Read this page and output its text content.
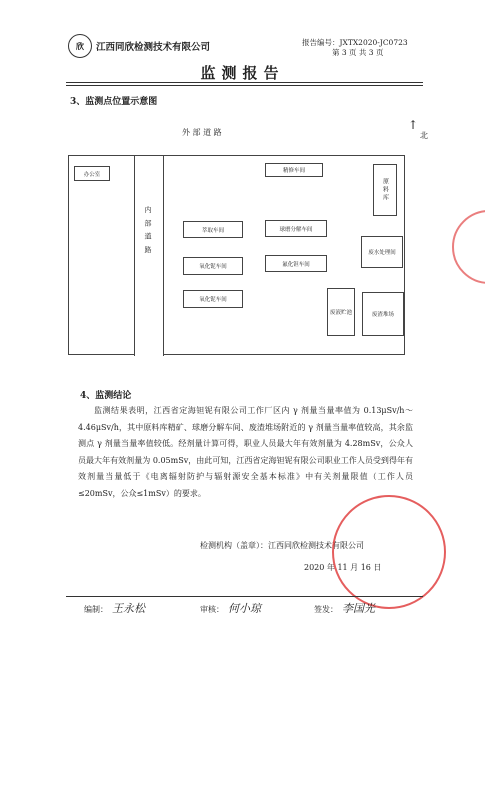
欣	江西同欣检测技术有限公司	报告编号：JXTX2020-JC0723
第 3 页 共 3 页
监测报告
3、监测点位置示意图
外 部 道 路
↑
北
内 部 道 路
办公室
精修车间
原料库
萃取车间	球磨分解车间
氧化铌车间	氟化钽车间
废水处理间
氧化铌车间
废液贮池	废渣堆场
4、监测结论
监测结果表明，江西省定海钽铌有限公司工作厂区内 γ 剂量当量率值为 0.13μSv/h～4.46μSv/h，其中原料库精矿、球磨分解车间、废渣堆场附近的 γ 剂量当量率值较高，其余监测点 γ 剂量当量率值较低。经剂量计算可得，职业人员最大年有效剂量为 4.28mSv，公众人员最大年有效剂量为 0.05mSv，由此可知，江西省定海钽铌有限公司职业工作人员受到得年有效剂量当量低于《电离辐射防护与辐射源安全基本标准》中有关剂量限值（工作人员≤20mSv，公众≤1mSv）的要求。
检测机构（盖章）：江西同欣检测技术有限公司
2020 年 11 月 16 日
编制： 王永松	审核： 何小琼	签发： 李国光
